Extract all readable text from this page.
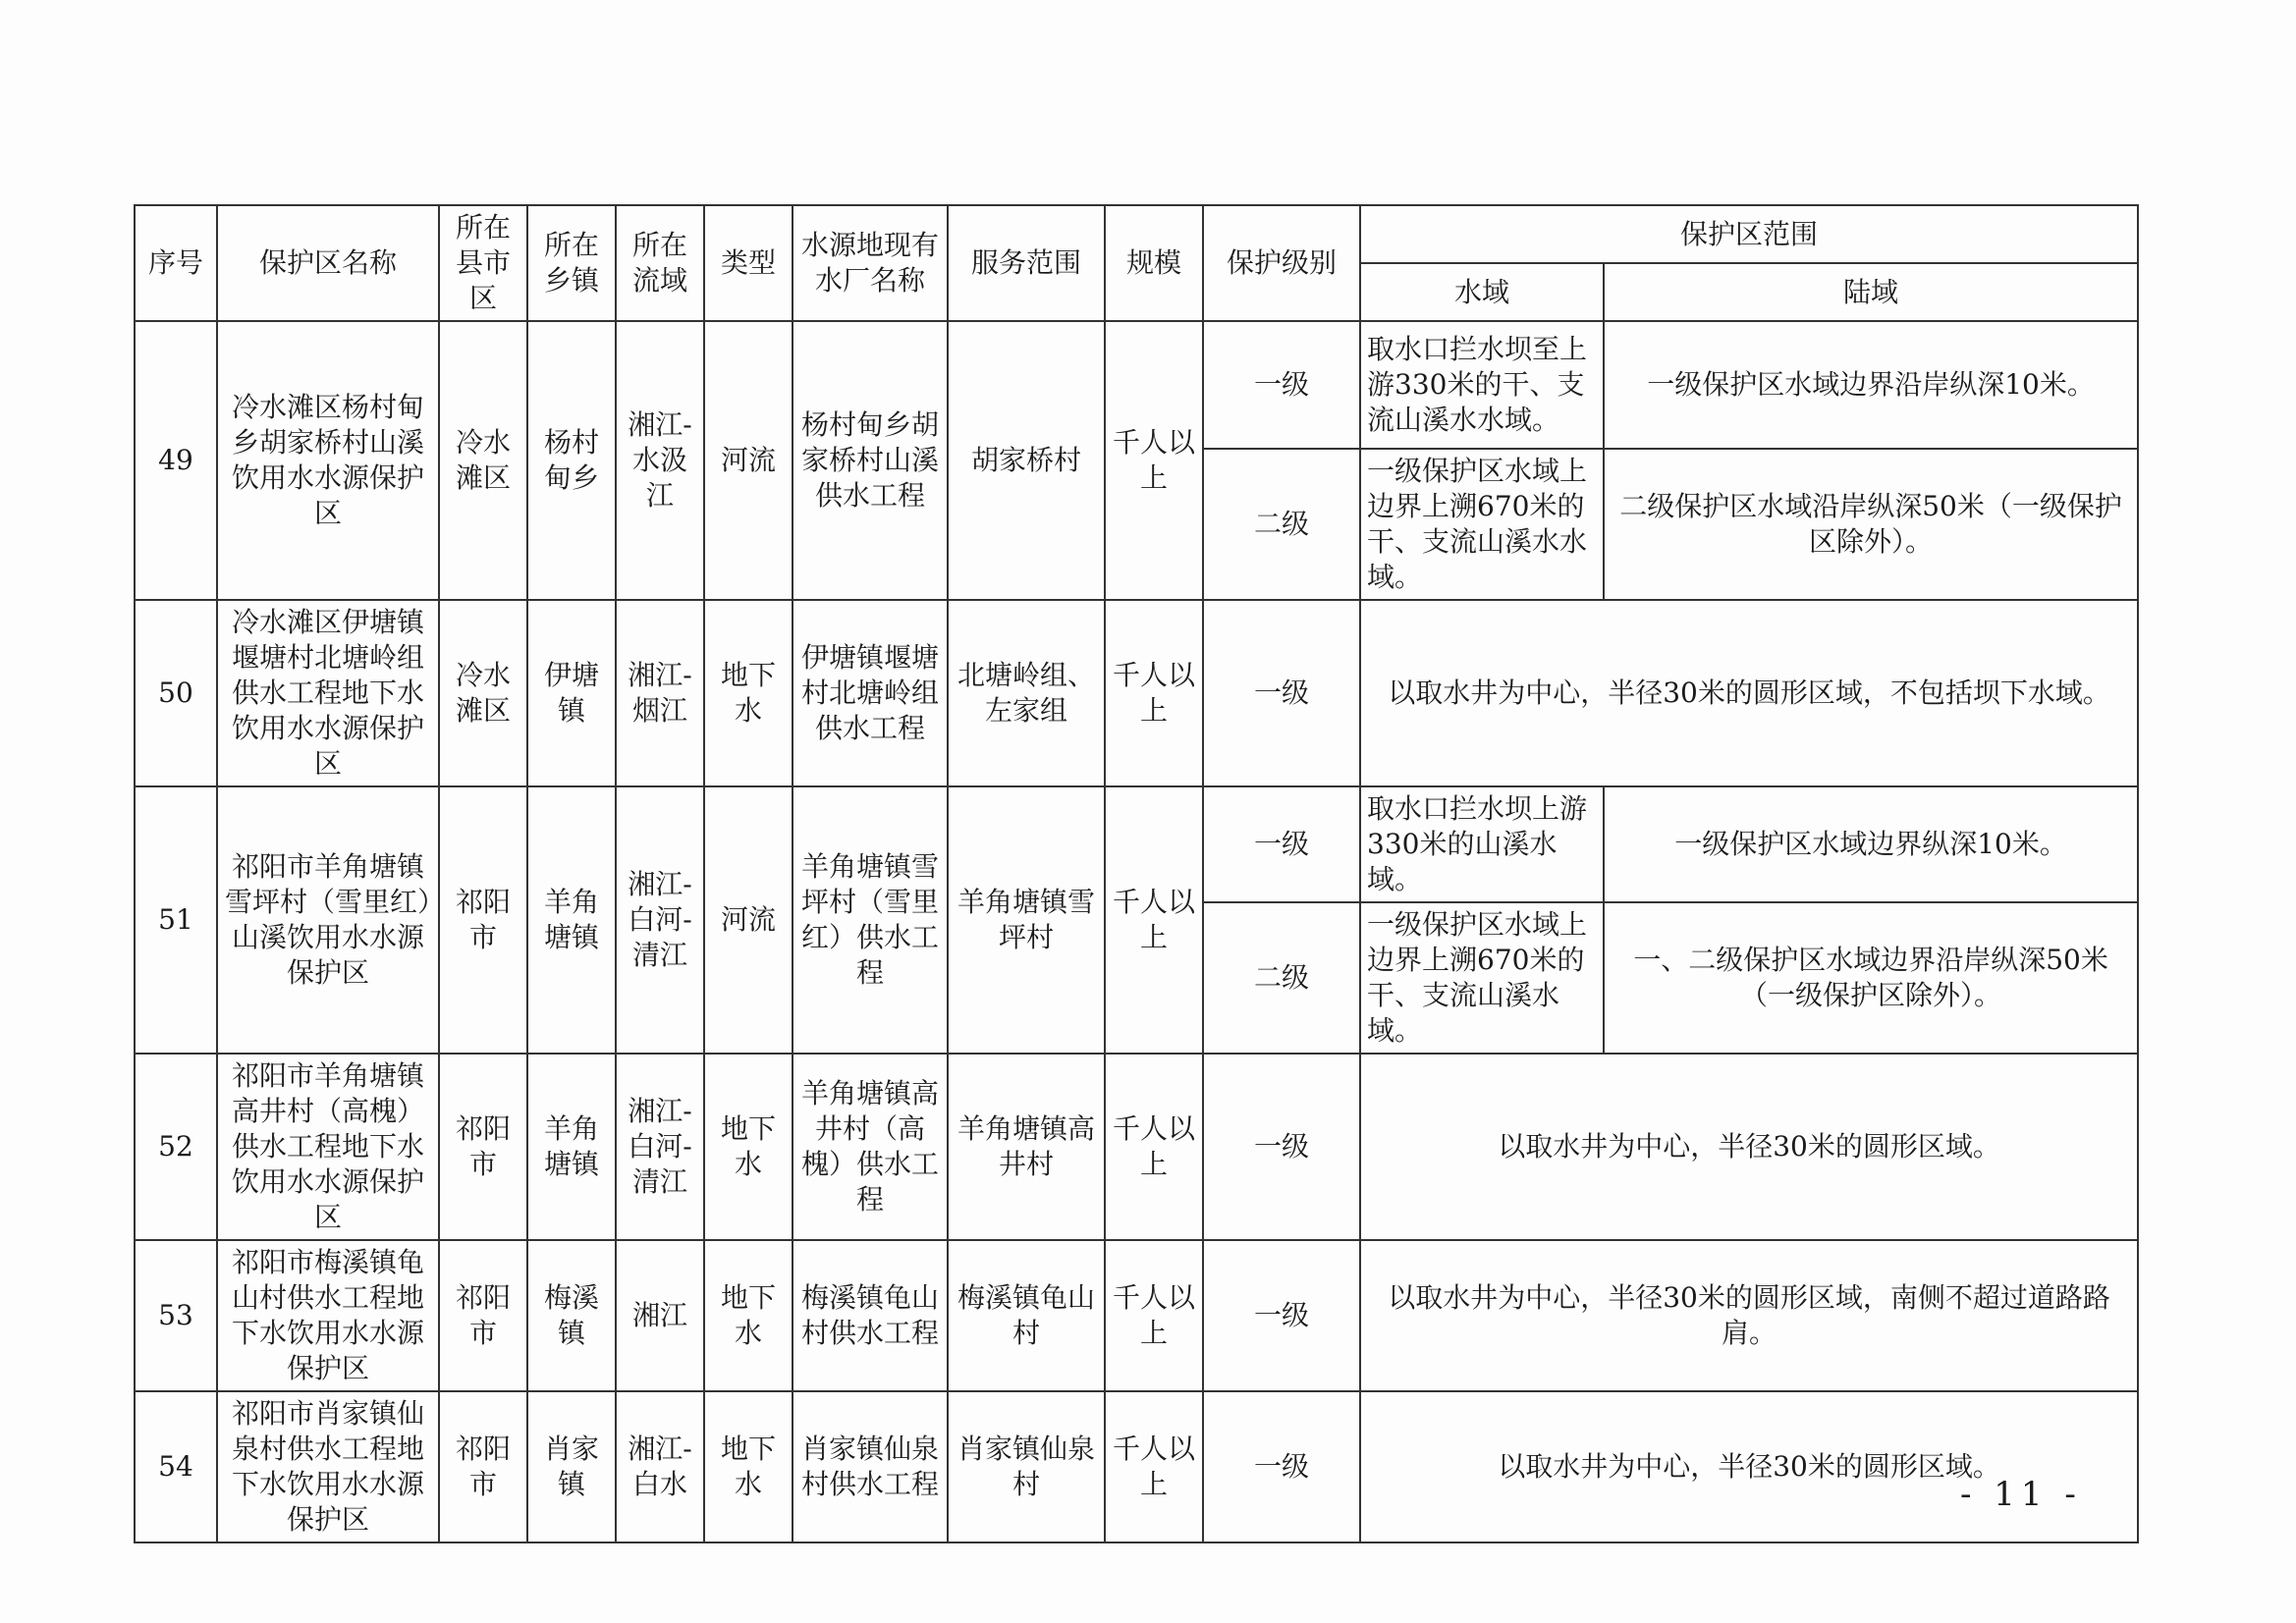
序号	保护区名称	所在县市区	所在乡镇	所在流域	类型	水源地现有水厂名称	服务范围	规模	保护级别	保护区范围	
										水域	陆域
49	冷水滩区杨村甸乡胡家桥村山溪饮用水水源保护区	冷水滩区	杨村甸乡	湘江-水汲江	河流	杨村甸乡胡家桥村山溪供水工程	胡家桥村	千人以上	一级	取水口拦水坝至上游330米的干、支流山溪水水域。	一级保护区水域边界沿岸纵深10米。
									二级	一级保护区水域上边界上溯670米的干、支流山溪水水域。	二级保护区水域沿岸纵深50米（一级保护区除外）。
50	冷水滩区伊塘镇堰塘村北塘岭组供水工程地下水饮用水水源保护区	冷水滩区	伊塘镇	湘江-烟江	地下水	伊塘镇堰塘村北塘岭组供水工程	北塘岭组、左家组	千人以上	一级	以取水井为中心，半径30米的圆形区域，不包括坝下水域。	
51	祁阳市羊角塘镇雪坪村（雪里红）山溪饮用水水源保护区	祁阳市	羊角塘镇	湘江-白河-清江	河流	羊角塘镇雪坪村（雪里红）供水工程	羊角塘镇雪坪村	千人以上	一级	取水口拦水坝上游330米的山溪水域。	一级保护区水域边界纵深10米。
									二级	一级保护区水域上边界上溯670米的干、支流山溪水域。	一、二级保护区水域边界沿岸纵深50米（一级保护区除外）。
52	祁阳市羊角塘镇高井村（高槐）供水工程地下水饮用水水源保护区	祁阳市	羊角塘镇	湘江-白河-清江	地下水	羊角塘镇高井村（高槐）供水工程	羊角塘镇高井村	千人以上	一级	以取水井为中心，半径30米的圆形区域。	
53	祁阳市梅溪镇龟山村供水工程地下水饮用水水源保护区	祁阳市	梅溪镇	湘江	地下水	梅溪镇龟山村供水工程	梅溪镇龟山村	千人以上	一级	以取水井为中心，半径30米的圆形区域，南侧不超过道路路肩。	
54	祁阳市肖家镇仙泉村供水工程地下水饮用水水源保护区	祁阳市	肖家镇	湘江-白水	地下水	肖家镇仙泉村供水工程	肖家镇仙泉村	千人以上	一级	以取水井为中心，半径30米的圆形区域。	
- 11 -
